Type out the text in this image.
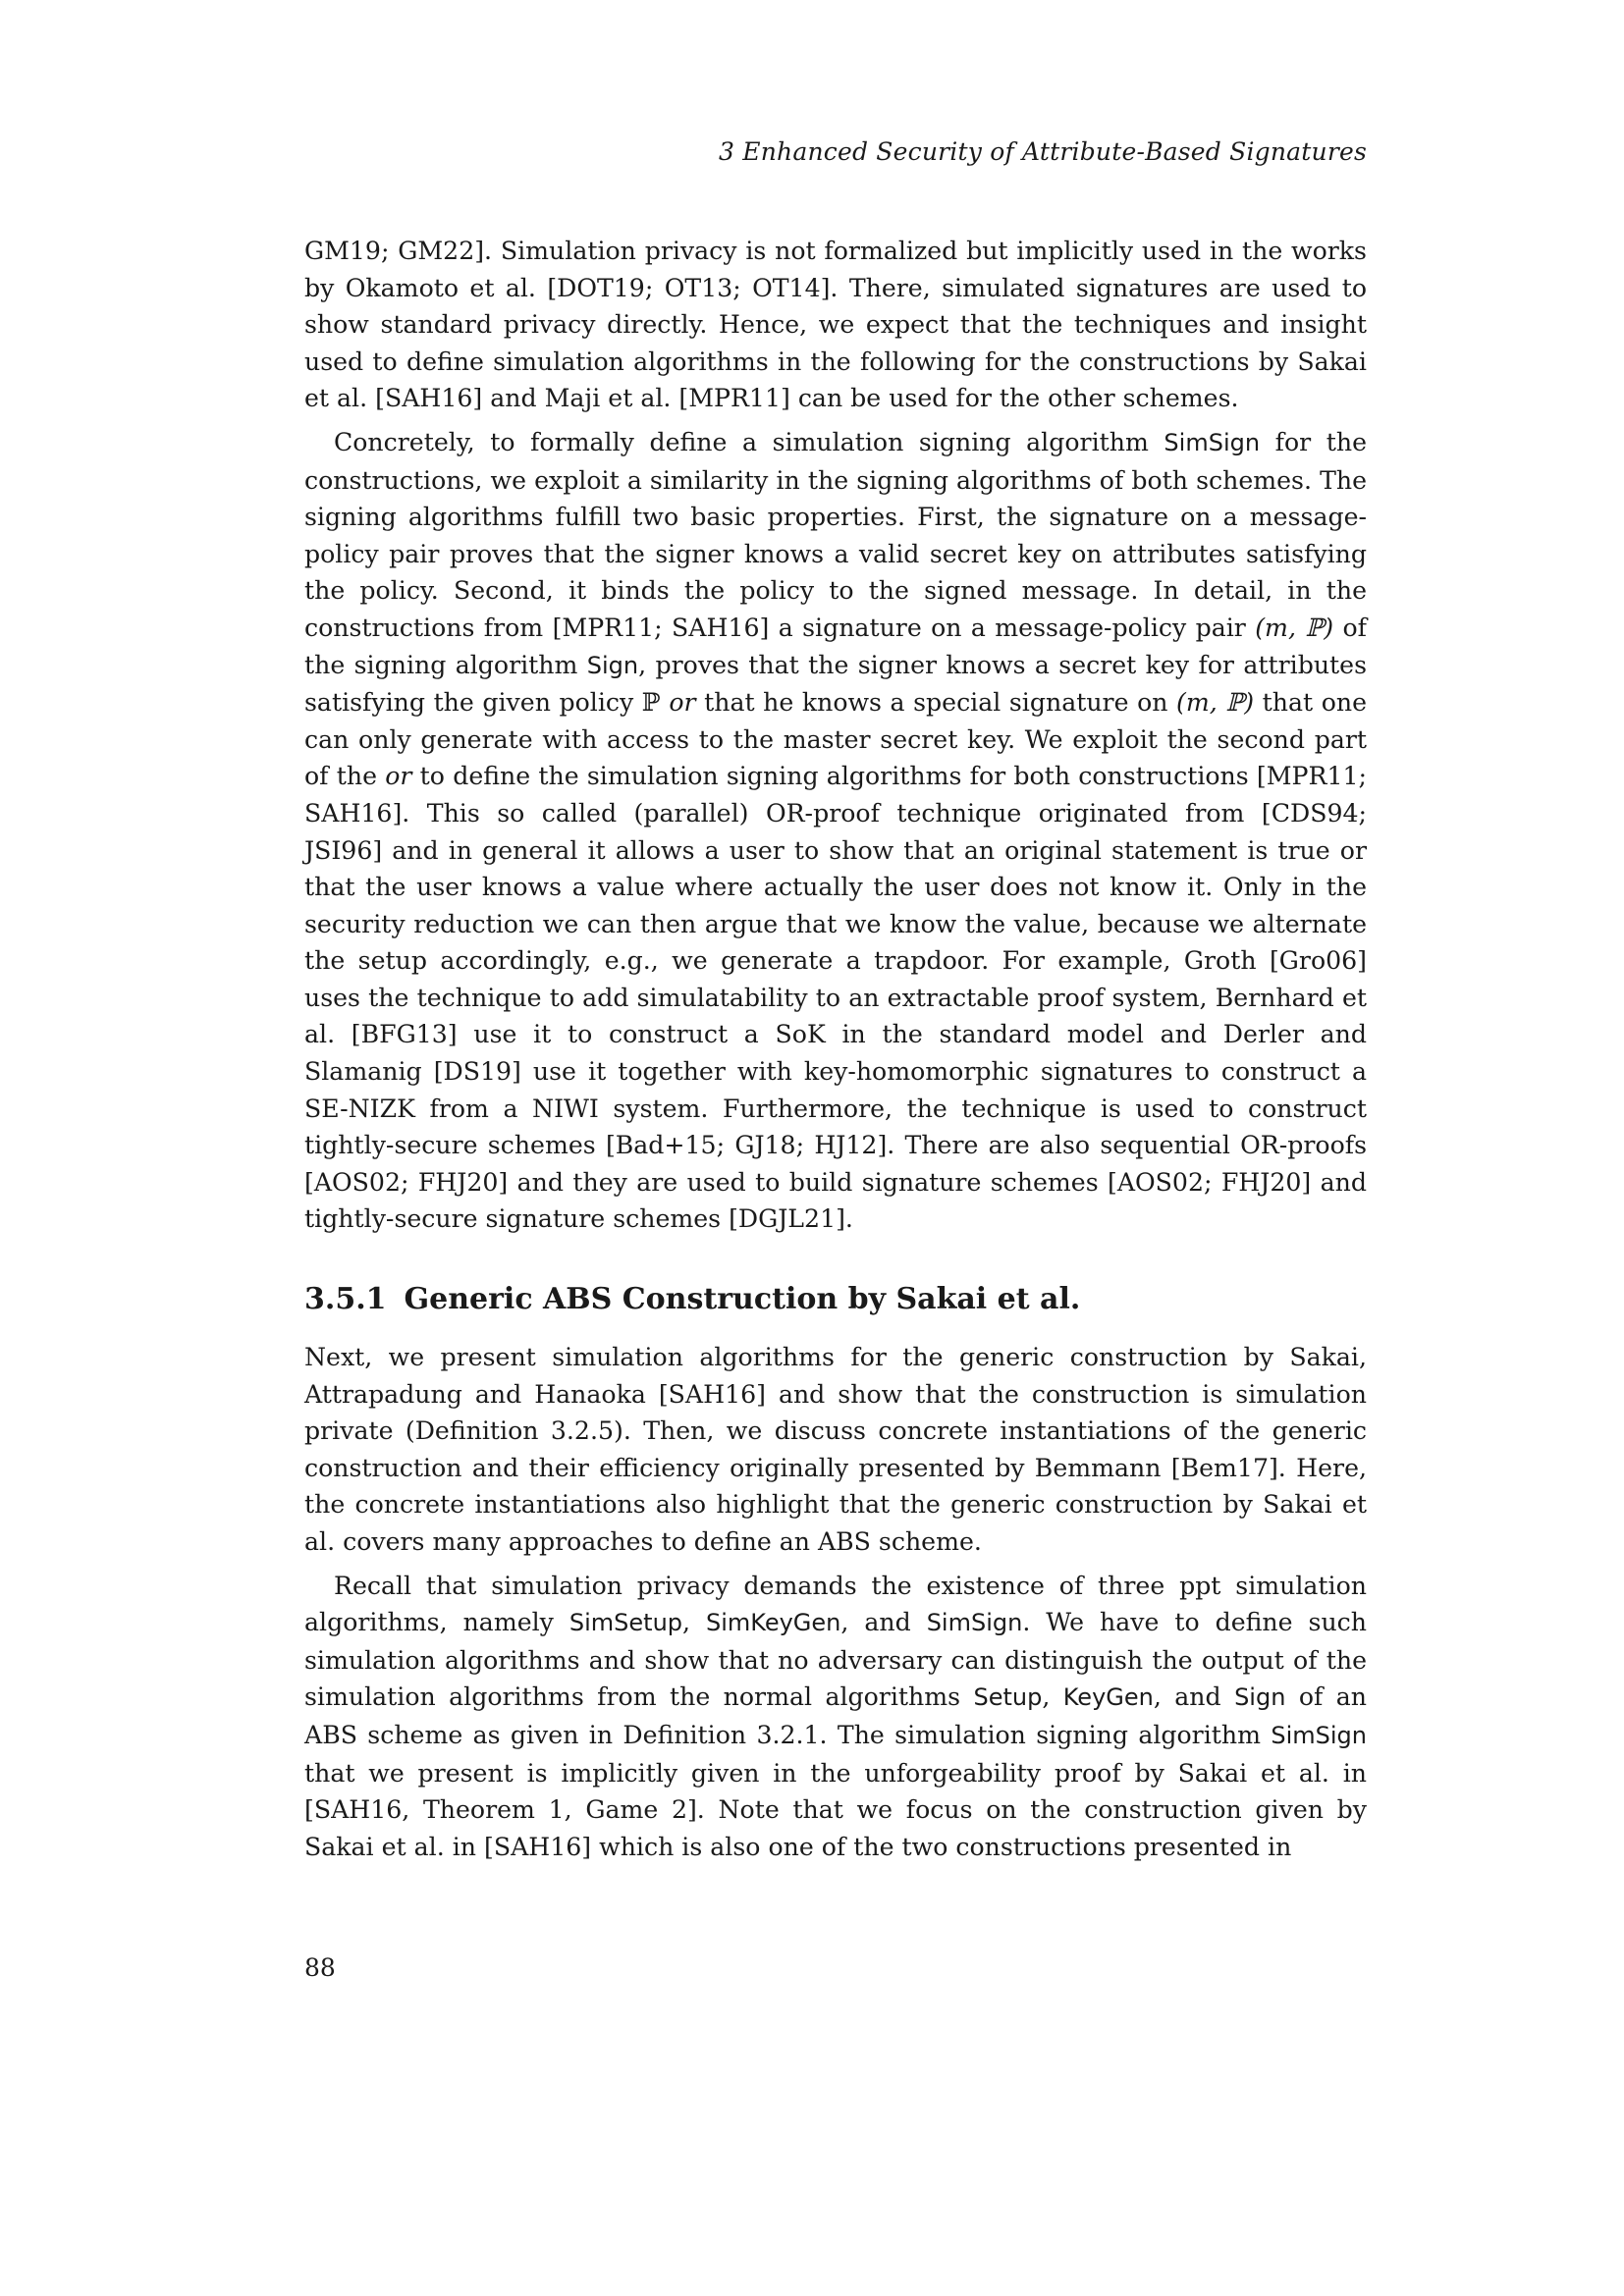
3 Enhanced Security of Attribute-Based Signatures

GM19; GM22]. Simulation privacy is not formalized but implicitly used in the works by Okamoto et al. [DOT19; OT13; OT14]. There, simulated signatures are used to show standard privacy directly. Hence, we expect that the techniques and insight used to define simulation algorithms in the following for the constructions by Sakai et al. [SAH16] and Maji et al. [MPR11] can be used for the other schemes.

Concretely, to formally define a simulation signing algorithm SimSign for the constructions, we exploit a similarity in the signing algorithms of both schemes. The signing algorithms fulfill two basic properties. First, the signature on a message-policy pair proves that the signer knows a valid secret key on attributes satisfying the policy. Second, it binds the policy to the signed message. In detail, in the constructions from [MPR11; SAH16] a signature on a message-policy pair (m, ℙ) of the signing algorithm Sign, proves that the signer knows a secret key for attributes satisfying the given policy ℙ or that he knows a special signature on (m, ℙ) that one can only generate with access to the master secret key. We exploit the second part of the or to define the simulation signing algorithms for both constructions [MPR11; SAH16]. This so called (parallel) OR-proof technique originated from [CDS94; JSI96] and in general it allows a user to show that an original statement is true or that the user knows a value where actually the user does not know it. Only in the security reduction we can then argue that we know the value, because we alternate the setup accordingly, e.g., we generate a trapdoor. For example, Groth [Gro06] uses the technique to add simulatability to an extractable proof system, Bernhard et al. [BFG13] use it to construct a SoK in the standard model and Derler and Slamanig [DS19] use it together with key-homomorphic signatures to construct a SE-NIZK from a NIWI system. Furthermore, the technique is used to construct tightly-secure schemes [Bad+15; GJ18; HJ12]. There are also sequential OR-proofs [AOS02; FHJ20] and they are used to build signature schemes [AOS02; FHJ20] and tightly-secure signature schemes [DGJL21].

3.5.1 Generic ABS Construction by Sakai et al.

Next, we present simulation algorithms for the generic construction by Sakai, Attrapadung and Hanaoka [SAH16] and show that the construction is simulation private (Definition 3.2.5). Then, we discuss concrete instantiations of the generic construction and their efficiency originally presented by Bemmann [Bem17]. Here, the concrete instantiations also highlight that the generic construction by Sakai et al. covers many approaches to define an ABS scheme.

Recall that simulation privacy demands the existence of three ppt simulation algorithms, namely SimSetup, SimKeyGen, and SimSign. We have to define such simulation algorithms and show that no adversary can distinguish the output of the simulation algorithms from the normal algorithms Setup, KeyGen, and Sign of an ABS scheme as given in Definition 3.2.1. The simulation signing algorithm SimSign that we present is implicitly given in the unforgeability proof by Sakai et al. in [SAH16, Theorem 1, Game 2]. Note that we focus on the construction given by Sakai et al. in [SAH16] which is also one of the two constructions presented in

88
